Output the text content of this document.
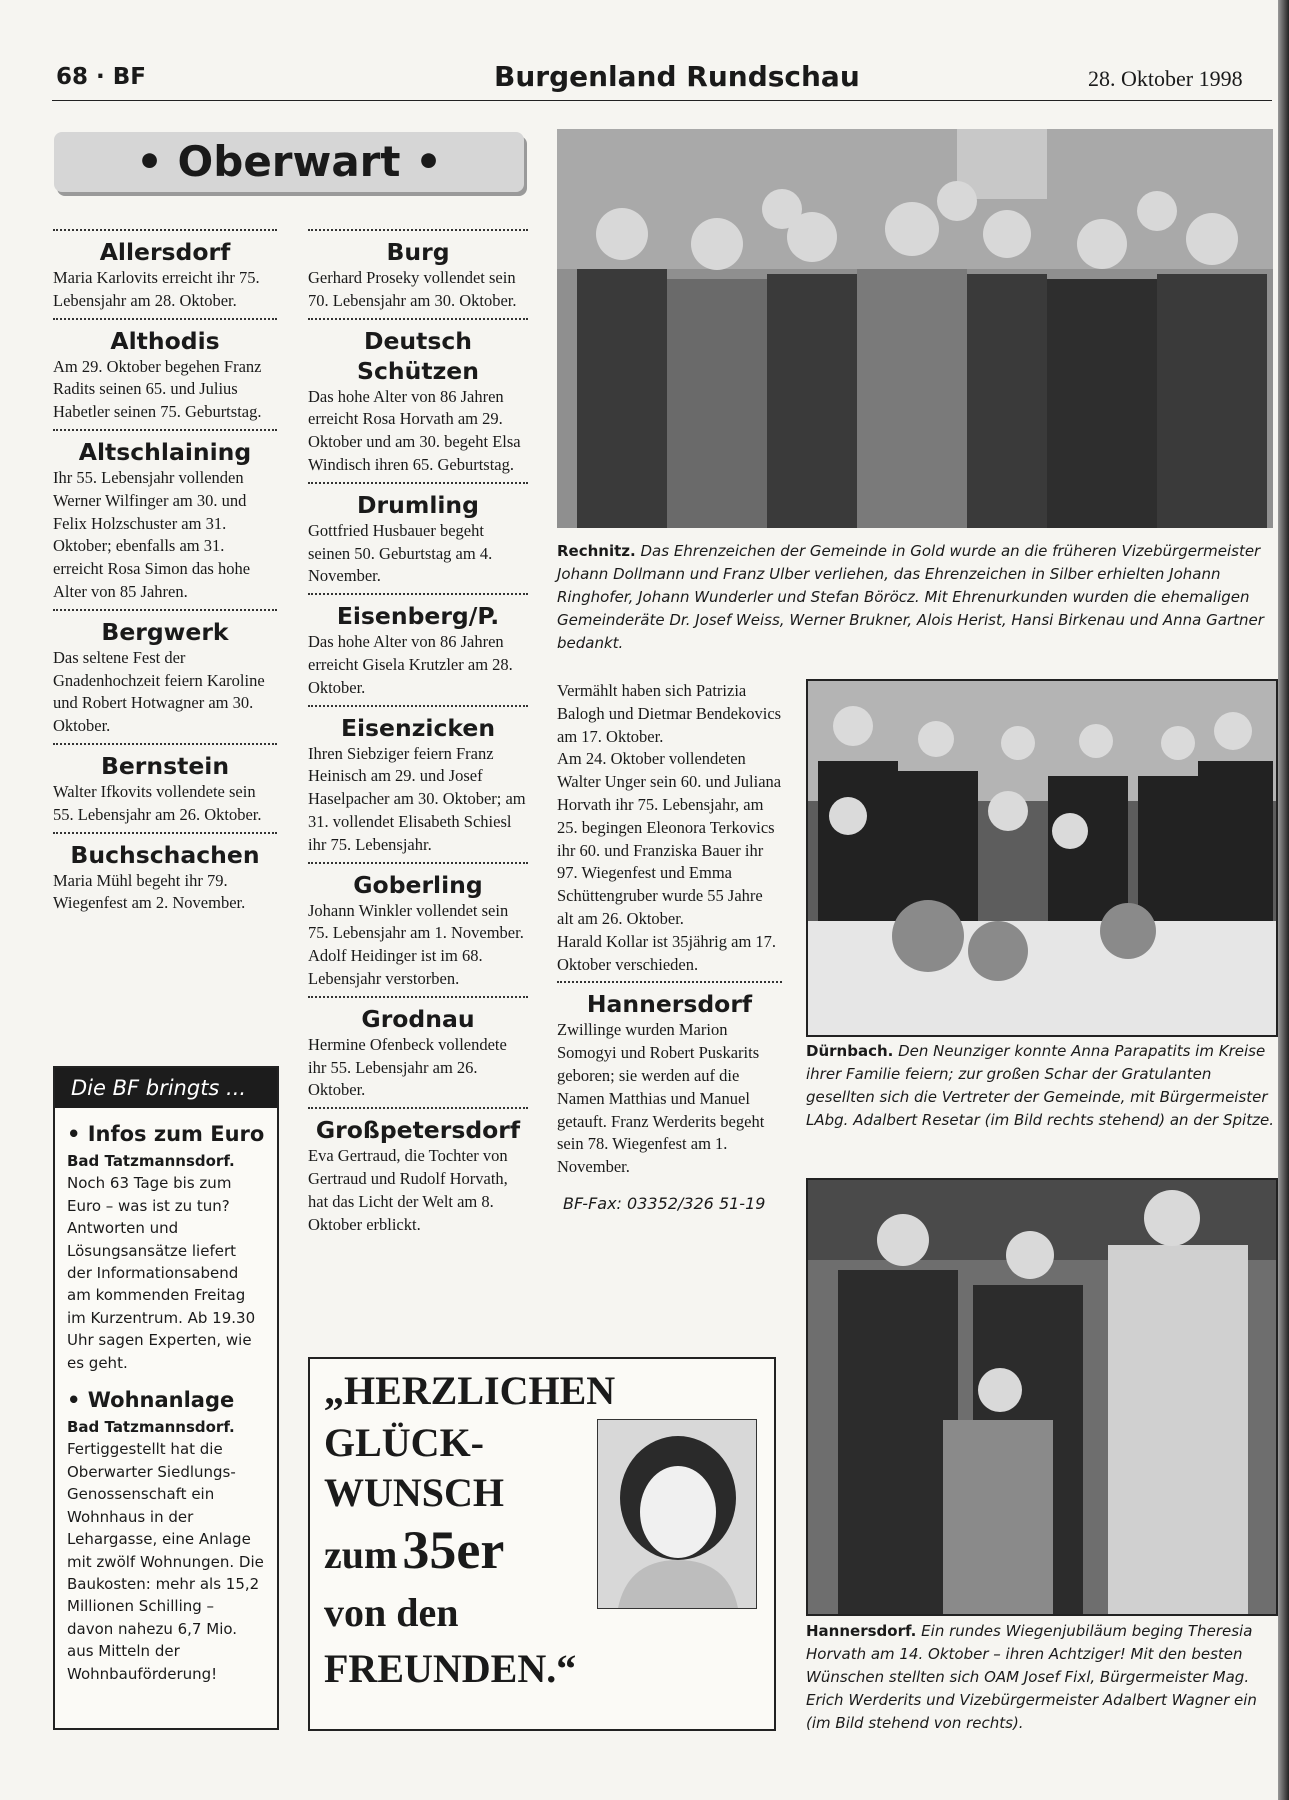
68 · BF	Burgenland Rundschau	28. Oktober 1998
• Oberwart •
Allersdorf

Maria Karlovits erreicht ihr 75. Lebensjahr am 28. Oktober.

Althodis

Am 29. Oktober begehen Franz Radits seinen 65. und Julius Habetler seinen 75. Geburtstag.

Altschlaining

Ihr 55. Lebensjahr vollenden Werner Wilfinger am 30. und Felix Holzschuster am 31. Oktober; ebenfalls am 31. erreicht Rosa Simon das hohe Alter von 85 Jahren.

Bergwerk

Das seltene Fest der Gnadenhochzeit feiern Karoline und Robert Hotwagner am 30. Oktober.

Bernstein

Walter Ifkovits vollendete sein 55. Lebensjahr am 26. Oktober.

Buchschachen

Maria Mühl begeht ihr 79. Wiegenfest am 2. November.

Burg

Gerhard Proseky vollendet sein 70. Lebensjahr am 30. Oktober.

Deutsch Schützen

Das hohe Alter von 86 Jahren erreicht Rosa Horvath am 29. Oktober und am 30. begeht Elsa Windisch ihren 65. Geburtstag.

Drumling

Gottfried Husbauer begeht seinen 50. Geburtstag am 4. November.

Eisenberg/P.

Das hohe Alter von 86 Jahren erreicht Gisela Krutzler am 28. Oktober.

Eisenzicken

Ihren Siebziger feiern Franz Heinisch am 29. und Josef Haselpacher am 30. Oktober; am 31. vollendet Elisabeth Schiesl ihr 75. Lebensjahr.

Goberling

Johann Winkler vollendet sein 75. Lebensjahr am 1. November. Adolf Heidinger ist im 68. Lebensjahr verstorben.

Grodnau

Hermine Ofenbeck vollendete ihr 55. Lebensjahr am 26. Oktober.

Großpetersdorf

Eva Gertraud, die Tochter von Gertraud und Rudolf Horvath, hat das Licht der Welt am 8. Oktober erblickt.

Die BF bringts ...
• Infos zum Euro
Bad Tatzmannsdorf. Noch 63 Tage bis zum Euro – was ist zu tun? Antworten und Lösungsansätze liefert der Informationsabend am kommenden Freitag im Kurzentrum. Ab 19.30 Uhr sagen Experten, wie es geht.
• Wohnanlage
Bad Tatzmannsdorf. Fertiggestellt hat die Oberwarter Siedlungs-Genossenschaft ein Wohnhaus in der Lehargasse, eine Anlage mit zwölf Wohnungen. Die Baukosten: mehr als 15,2 Millionen Schilling – davon nahezu 6,7 Mio. aus Mitteln der Wohnbauförderung!
Rechnitz. Das Ehrenzeichen der Gemeinde in Gold wurde an die früheren Vizebürgermeister Johann Dollmann und Franz Ulber verliehen, das Ehrenzeichen in Silber erhielten Johann Ringhofer, Johann Wunderler und Stefan Böröcz. Mit Ehrenurkunden wurden die ehemaligen Gemeinderäte Dr. Josef Weiss, Werner Brukner, Alois Herist, Hansi Birkenau und Anna Gartner bedankt.

Vermählt haben sich Patrizia Balogh und Dietmar Bendekovics am 17. Oktober.

Am 24. Oktober vollendeten Walter Unger sein 60. und Juliana Horvath ihr 75. Lebensjahr, am 25. begingen Eleonora Terkovics ihr 60. und Franziska Bauer ihr 97. Wiegenfest und Emma Schüttengruber wurde 55 Jahre alt am 26. Oktober.

Harald Kollar ist 35jährig am 17. Oktober verschieden.

Hannersdorf

Zwillinge wurden Marion Somogyi und Robert Puskarits geboren; sie werden auf die Namen Matthias und Manuel getauft. Franz Werderits begeht sein 78. Wiegenfest am 1. November.

BF-Fax: 03352/326 51-19

Dürnbach. Den Neunziger konnte Anna Parapatits im Kreise ihrer Familie feiern; zur großen Schar der Gratulanten gesellten sich die Vertreter der Gemeinde, mit Bürgermeister LAbg. Adalbert Resetar (im Bild rechts stehend) an der Spitze.
„HERZLICHEN
GLÜCK-
WUNSCH
zum 35er
von den
FREUNDEN.“
Hannersdorf. Ein rundes Wiegenjubiläum beging Theresia Horvath am 14. Oktober – ihren Achtziger! Mit den besten Wünschen stellten sich OAM Josef Fixl, Bürgermeister Mag. Erich Werderits und Vizebürgermeister Adalbert Wagner ein (im Bild stehend von rechts).
